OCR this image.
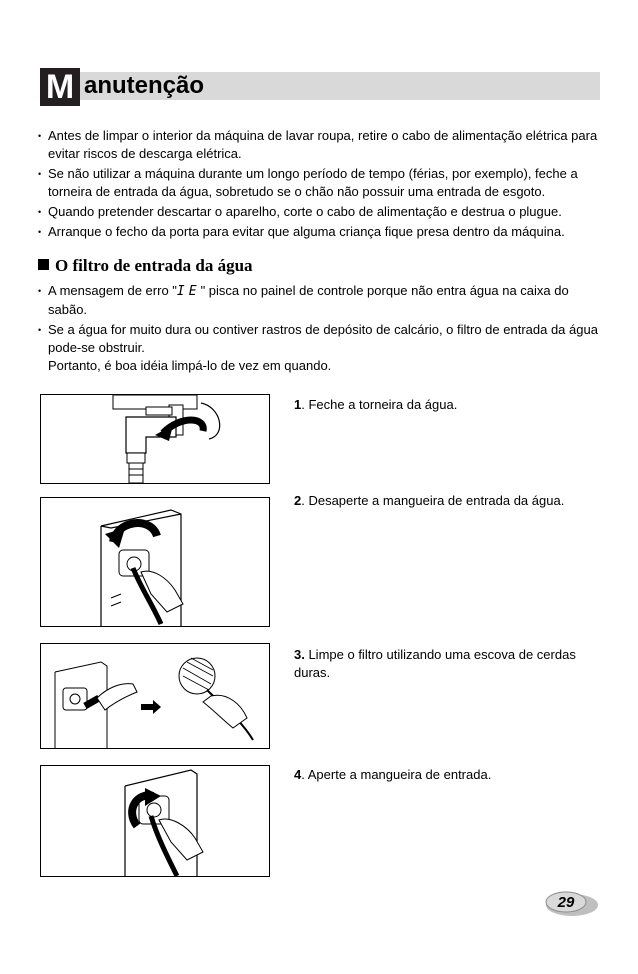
M anutenção
• Antes de limpar o interior da máquina de lavar roupa, retire o cabo de alimentação elétrica para evitar riscos de descarga elétrica.
• Se não utilizar a máquina durante um longo período de tempo (férias, por exemplo), feche a torneira de entrada da água, sobretudo se o chão não possuir uma entrada de esgoto.
• Quando pretender descartar o aparelho, corte o cabo de alimentação e destrua o plugue.
• Arranque o fecho da porta para evitar que alguma criança fique presa dentro da máquina.
O filtro de entrada da água
• A mensagem de erro "IE" pisca no painel de controle porque não entra água na caixa do sabão.
• Se a água for muito dura ou contiver rastros de depósito de calcário, o filtro de entrada da água pode-se obstruir.
Portanto, é boa idéia limpá-lo de vez em quando.
1. Feche a torneira da água.
2. Desaperte a mangueira de entrada da água.
3. Limpe o filtro utilizando uma escova de cerdas duras.
4. Aperte a mangueira de entrada.
29
